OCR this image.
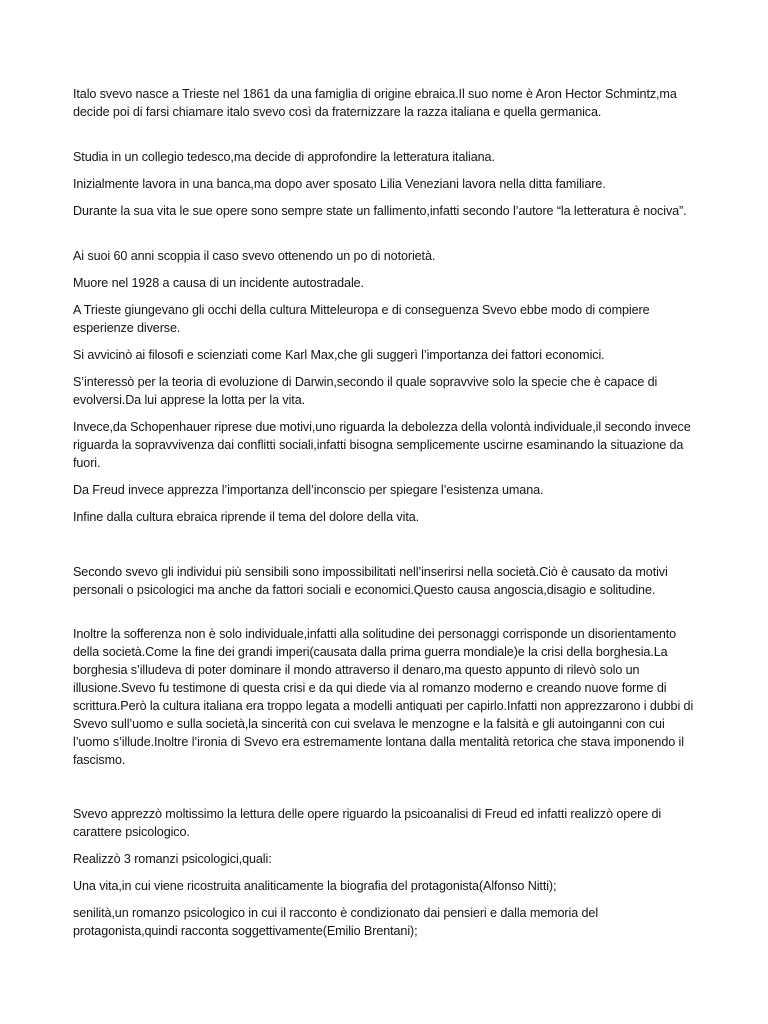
Italo svevo nasce a Trieste nel 1861 da una famiglia di origine ebraica.Il suo nome è Aron Hector Schmintz,ma decide poi di farsi chiamare italo svevo così da fraternizzare la razza italiana e quella germanica.

Studia in un collegio tedesco,ma decide di approfondire la letteratura italiana.

Inizialmente lavora in una banca,ma dopo aver sposato Lilia Veneziani lavora nella ditta familiare.

Durante la sua vita le sue opere sono sempre state un fallimento,infatti secondo l’autore “la letteratura è nociva”.

Ai suoi 60 anni scoppia il caso svevo ottenendo un po di notorietà.

Muore nel 1928 a causa di un incidente autostradale.

A Trieste giungevano gli occhi della cultura Mitteleuropa e di conseguenza Svevo ebbe modo di compiere esperienze diverse.

Si avvicinò ai filosofi e scienziati come Karl Max,che gli suggerì l’importanza dei fattori economici.

S’interessò per la teoria di evoluzione di Darwin,secondo il quale sopravvive solo la specie che è capace di evolversi.Da lui apprese la lotta per la vita.

Invece,da Schopenhauer riprese due motivi,uno riguarda la debolezza della volontà individuale,il secondo invece riguarda la sopravvivenza dai conflitti sociali,infatti bisogna semplicemente uscirne esaminando la situazione da fuori.

Da Freud invece apprezza l’importanza dell’inconscio per spiegare l’esistenza umana.

Infine dalla cultura ebraica riprende il tema del dolore della vita.

Secondo svevo gli individui più sensibili sono impossibilitati nell’inserirsi nella società.Ciò è causato da motivi personali o psicologici ma anche da fattori sociali e economici.Questo causa angoscia,disagio e solitudine.

Inoltre la sofferenza non è solo individuale,infatti alla solitudine dei personaggi corrisponde un disorientamento della società.Come la fine dei grandi imperi(causata dalla prima guerra mondiale)e la crisi della borghesia.La borghesia s’illudeva di poter dominare il mondo attraverso il denaro,ma questo appunto di rilevò solo un illusione.Svevo fu testimone di questa crisi e da qui diede via al romanzo moderno e creando nuove forme di scrittura.Però la cultura italiana era troppo legata a modelli antiquati per capirlo.Infatti non apprezzarono i dubbi di Svevo sull’uomo e sulla società,la sincerità con cui svelava le menzogne e la falsità e gli autoinganni con cui l’uomo s’illude.Inoltre l’ironia di Svevo era estremamente lontana dalla mentalità retorica che stava imponendo il fascismo.

Svevo apprezzò moltissimo la lettura delle opere riguardo la psicoanalisi di Freud ed infatti realizzò opere di carattere psicologico.

Realizzò 3 romanzi psicologici,quali:

Una vita,in cui viene ricostruita analiticamente la biografia del protagonista(Alfonso Nitti);

senilità,un romanzo psicologico in cui il racconto è condizionato dai pensieri e dalla memoria del protagonista,quindi racconta soggettivamente(Emilio Brentani);
